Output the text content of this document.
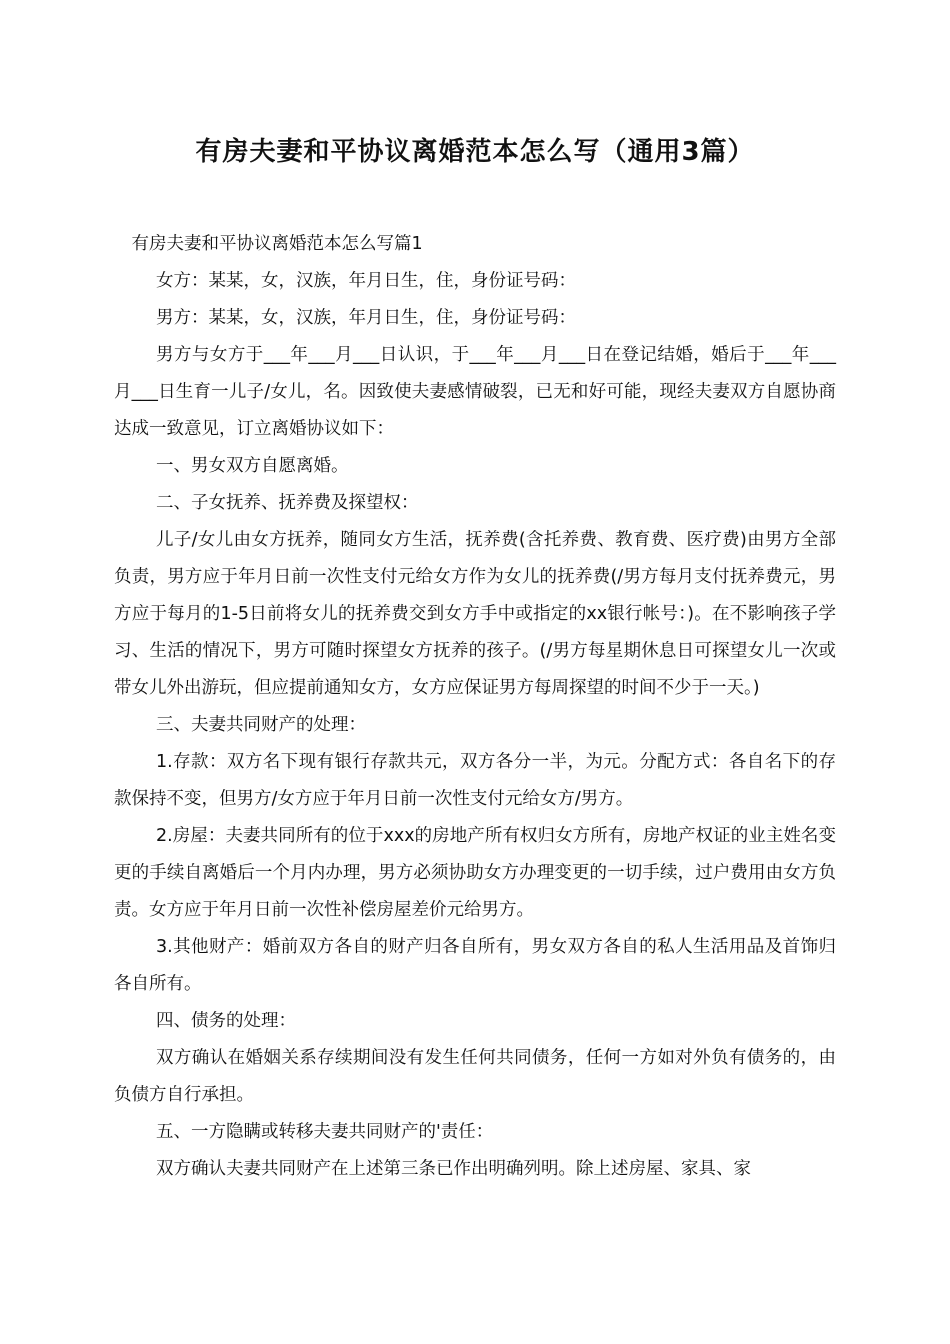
有房夫妻和平协议离婚范本怎么写（通用3篇）

有房夫妻和平协议离婚范本怎么写篇1

女方：某某，女，汉族，年月日生，住，身份证号码：

男方：某某，女，汉族，年月日生，住，身份证号码：

男方与女方于___年___月___日认识，于___年___月___日在登记结婚，婚后于___年___月___日生育一儿子/女儿，名。因致使夫妻感情破裂，已无和好可能，现经夫妻双方自愿协商达成一致意见，订立离婚协议如下：

一、男女双方自愿离婚。

二、子女抚养、抚养费及探望权：

儿子/女儿由女方抚养，随同女方生活，抚养费(含托养费、教育费、医疗费)由男方全部负责，男方应于年月日前一次性支付元给女方作为女儿的抚养费(/男方每月支付抚养费元，男方应于每月的1-5日前将女儿的抚养费交到女方手中或指定的xx银行帐号：)。在不影响孩子学习、生活的情况下，男方可随时探望女方抚养的孩子。(/男方每星期休息日可探望女儿一次或带女儿外出游玩，但应提前通知女方，女方应保证男方每周探望的时间不少于一天。)

三、夫妻共同财产的处理：

1.存款：双方名下现有银行存款共元，双方各分一半，为元。分配方式：各自名下的存款保持不变，但男方/女方应于年月日前一次性支付元给女方/男方。

2.房屋：夫妻共同所有的位于xxx的房地产所有权归女方所有，房地产权证的业主姓名变更的手续自离婚后一个月内办理，男方必须协助女方办理变更的一切手续，过户费用由女方负责。女方应于年月日前一次性补偿房屋差价元给男方。

3.其他财产：婚前双方各自的财产归各自所有，男女双方各自的私人生活用品及首饰归各自所有。

四、债务的处理：

双方确认在婚姻关系存续期间没有发生任何共同债务，任何一方如对外负有债务的，由负债方自行承担。

五、一方隐瞒或转移夫妻共同财产的'责任：

双方确认夫妻共同财产在上述第三条已作出明确列明。除上述房屋、家具、家
